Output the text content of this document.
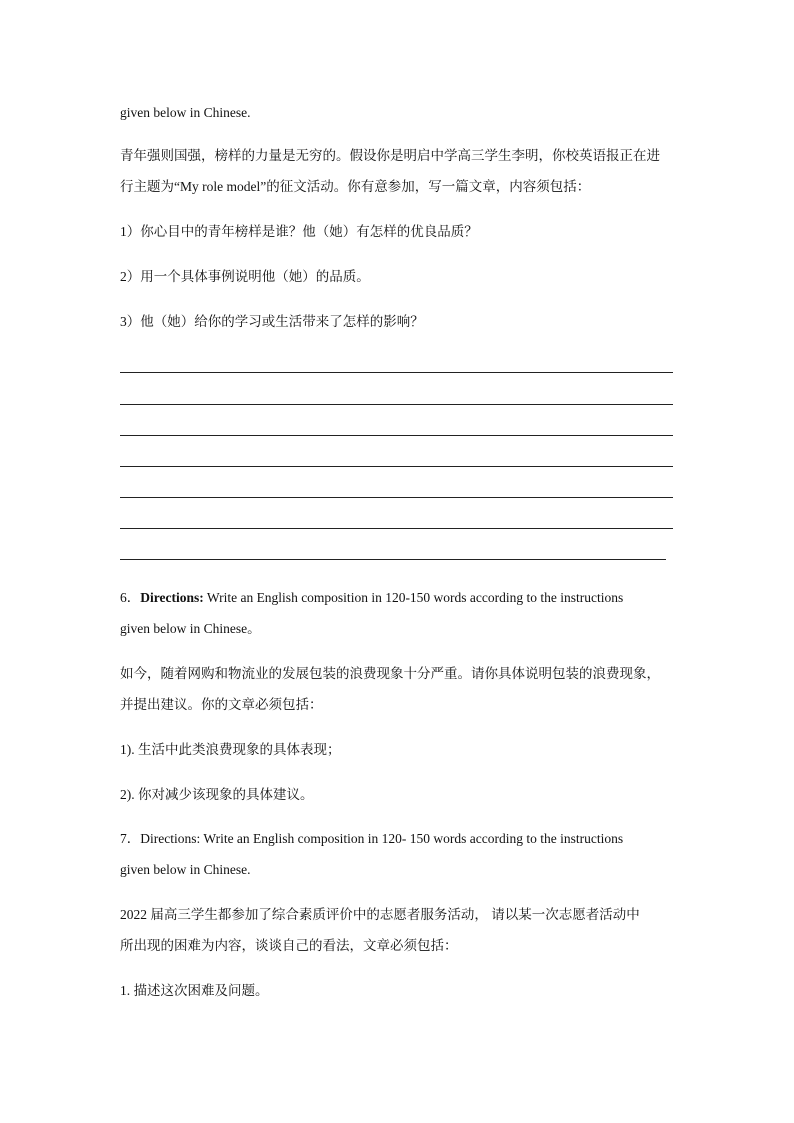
given below in Chinese.
青年强则国强，榜样的力量是无穷的。假设你是明启中学高三学生李明，你校英语报正在进
行主题为“My role model”的征文活动。你有意参加，写一篇文章，内容须包括：
1）你心目中的青年榜样是谁？他（她）有怎样的优良品质？
2）用一个具体事例说明他（她）的品质。
3）他（她）给你的学习或生活带来了怎样的影响？
6．Directions: Write an English composition in 120-150 words according to the instructions
given below in Chinese。
如今，随着网购和物流业的发展包装的浪费现象十分严重。请你具体说明包装的浪费现象，
并提出建议。你的文章必须包括：
1). 生活中此类浪费现象的具体表现；
2). 你对减少该现象的具体建议。
7．Directions: Write an English composition in 120- 150 words according to the instructions
given below in Chinese.
2022 届高三学生都参加了综合素质评价中的志愿者服务活动， 请以某一次志愿者活动中
所出现的困难为内容，谈谈自己的看法，文章必须包括：
1. 描述这次困难及问题。
